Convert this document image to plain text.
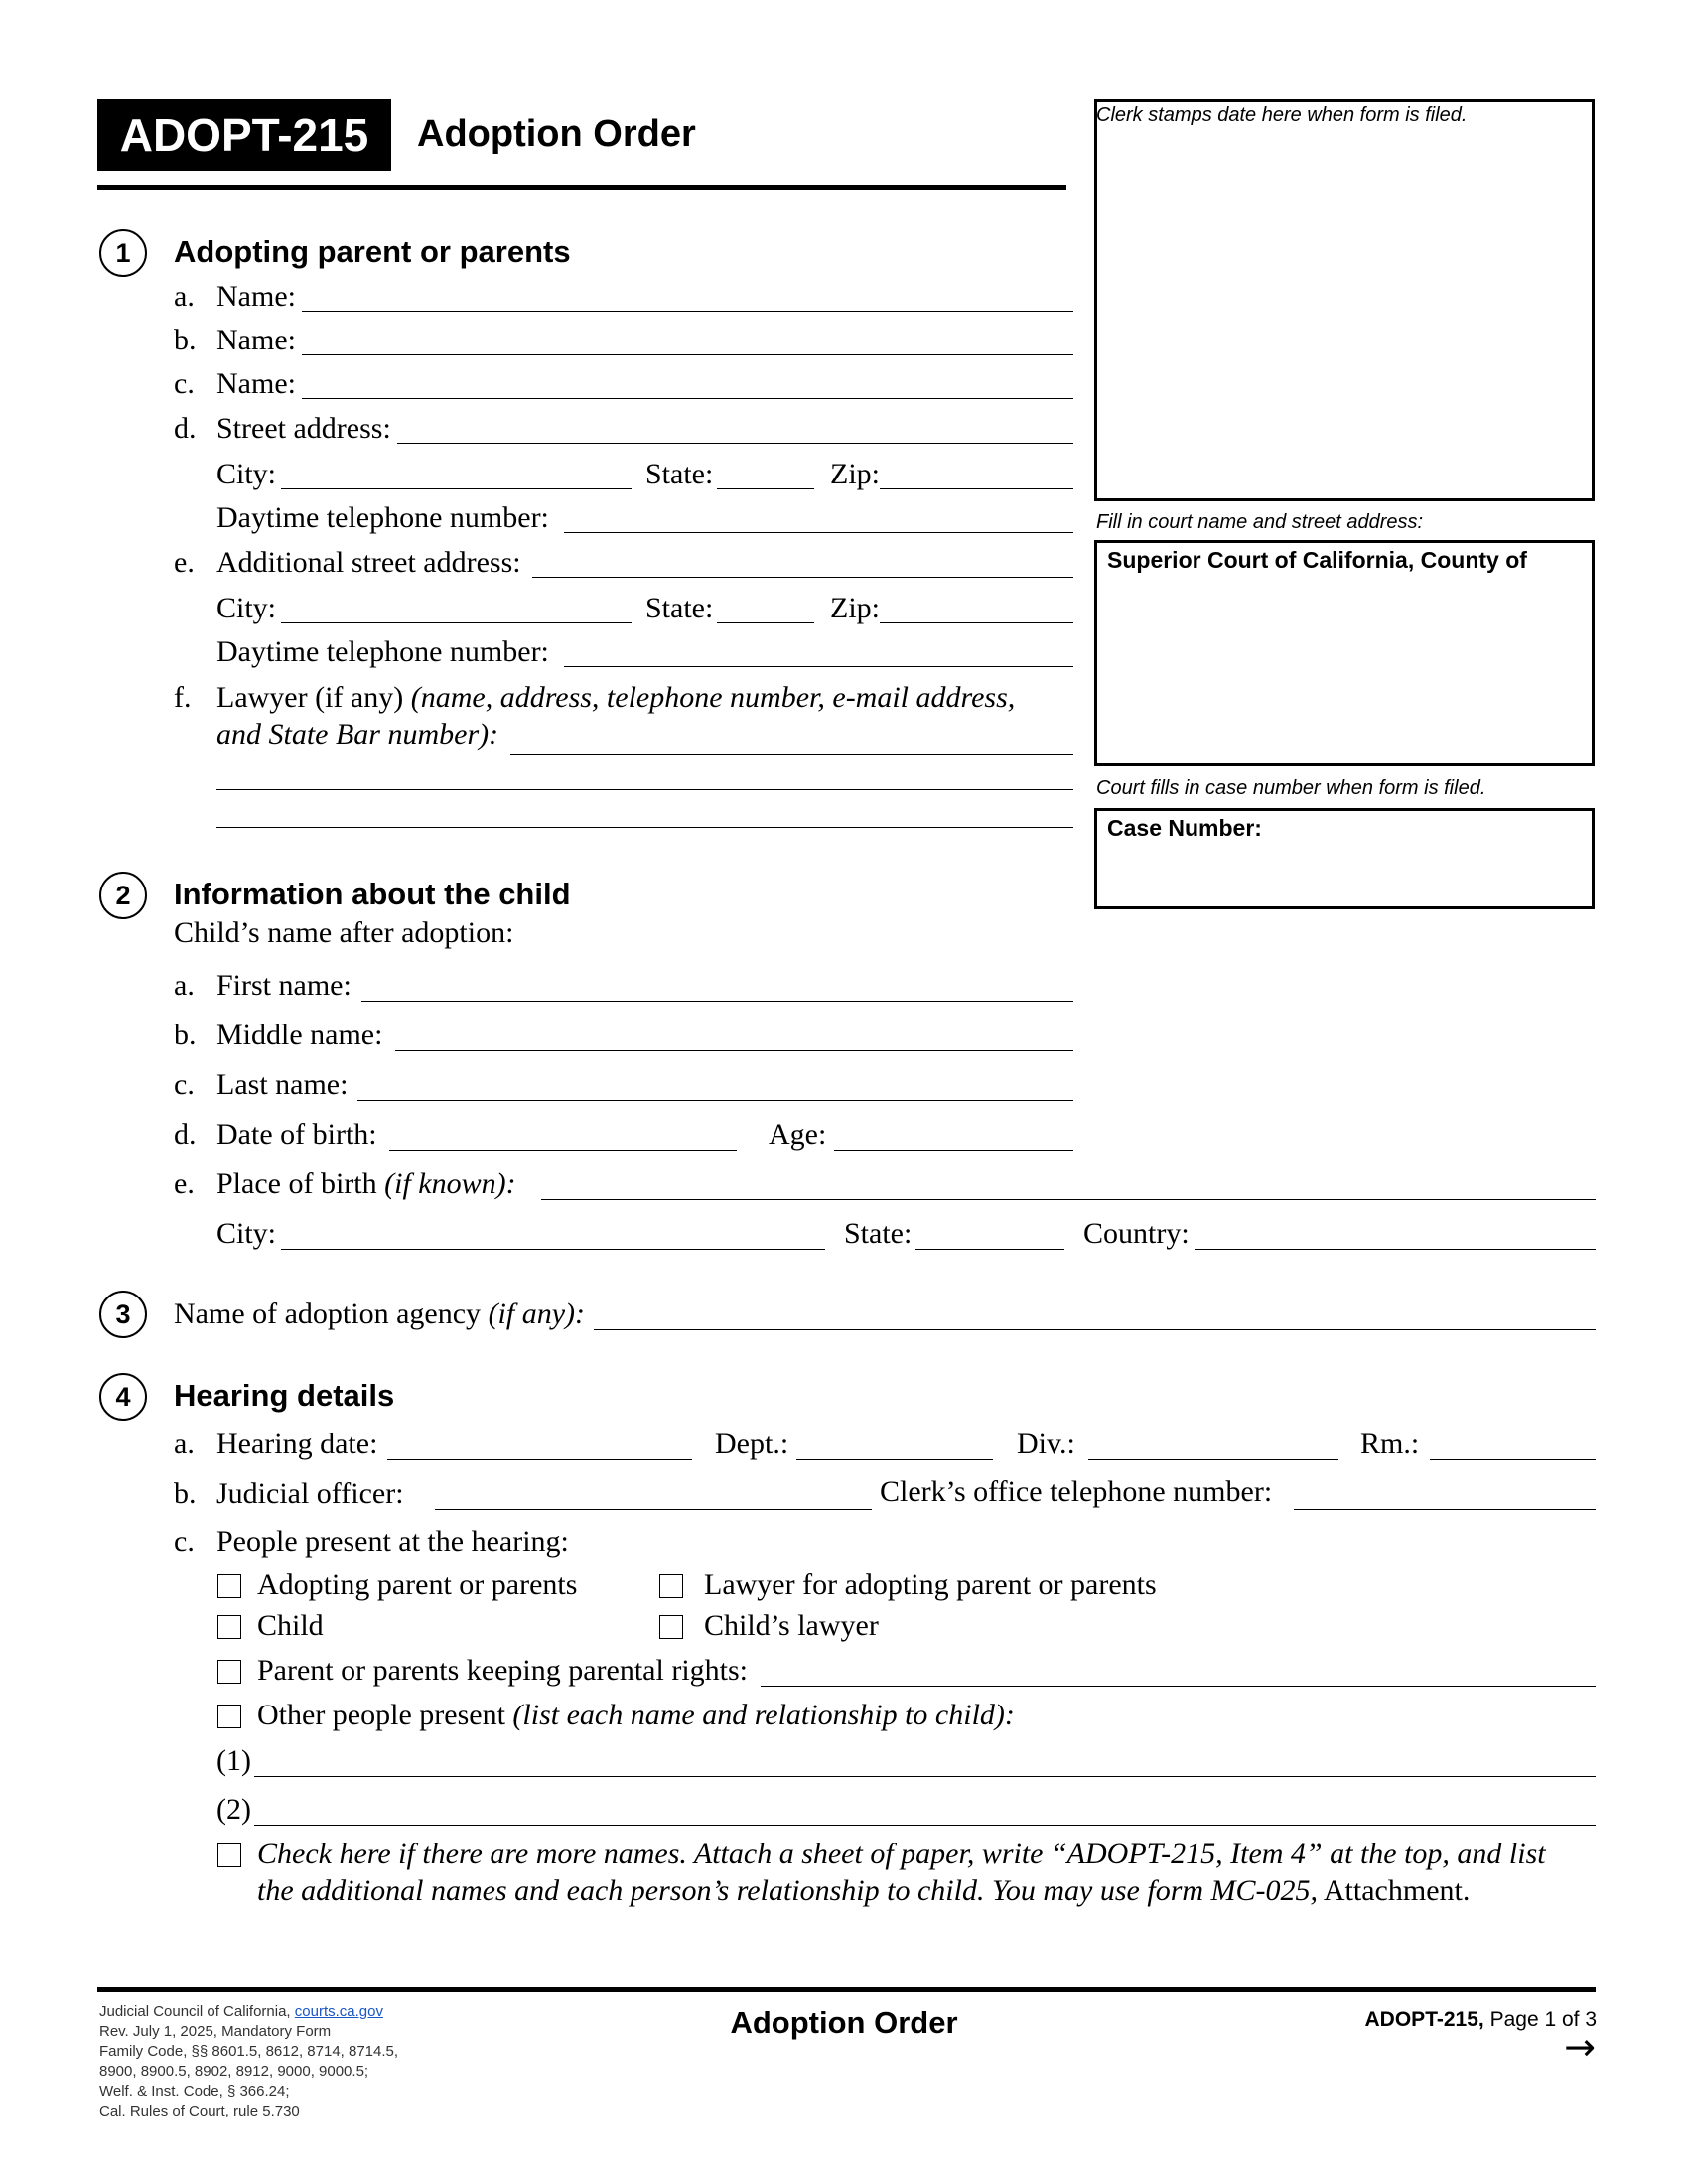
ADOPT-215	Adoption Order	Clerk stamps date here when form is filed.
Fill in court name and street address:
Superior Court of California, County of
Court fills in case number when form is filed.
Case Number:
1	Adopting parent or parents
a. Name:
b. Name:
c. Name:
d. Street address:
City:	State:	Zip:
Daytime telephone number:
e. Additional street address:
City:	State:	Zip:
Daytime telephone number:
f. Lawyer (if any) (name, address, telephone number, e-mail address,
and State Bar number):
2	Information about the child
Child’s name after adoption:
a. First name:
b. Middle name:
c. Last name:
d. Date of birth:	Age:
e. Place of birth (if known):
City:	State:	Country:
3	Name of adoption agency (if any):
4	Hearing details
a. Hearing date:	Dept.:	Div.:	Rm.:
b. Judicial officer:	Clerk’s office telephone number:
c. People present at the hearing:
Adopting parent or parents	Lawyer for adopting parent or parents
Child	Child’s lawyer
Parent or parents keeping parental rights:
Other people present (list each name and relationship to child):
(1)
(2)
Check here if there are more names. Attach a sheet of paper, write “ADOPT-215, Item 4” at the top, and list
the additional names and each person’s relationship to child. You may use form MC-025, Attachment.
Judicial Council of California, courts.ca.gov
Rev. July 1, 2025, Mandatory Form
Family Code, §§ 8601.5, 8612, 8714, 8714.5,
8900, 8900.5, 8902, 8912, 9000, 9000.5;
Welf. & Inst. Code, § 366.24;
Cal. Rules of Court, rule 5.730
Adoption Order	ADOPT-215, Page 1 of 3
→
